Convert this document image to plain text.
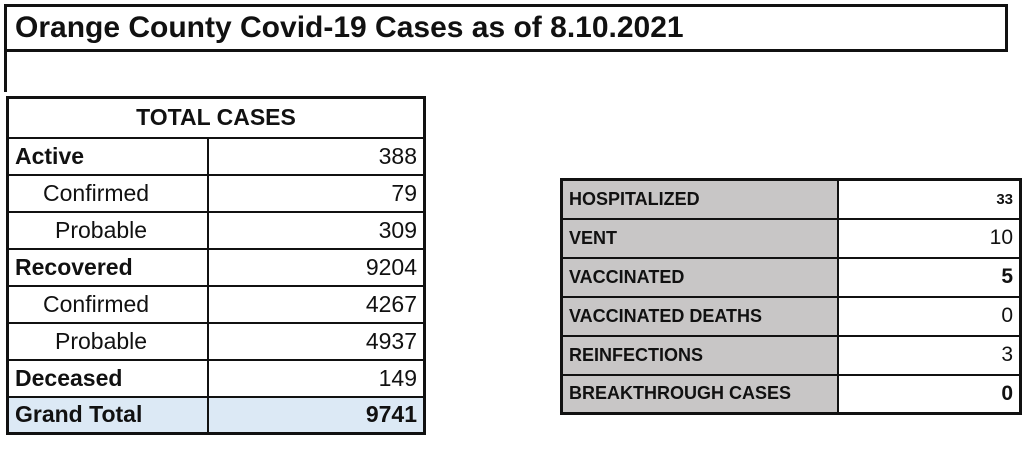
Orange County Covid-19 Cases as of 8.10.2021
TOTAL CASES	
Active	388
Confirmed	79
Probable	309
Recovered	9204
Confirmed	4267
Probable	4937
Deceased	149
Grand Total	9741
HOSPITALIZED	33
VENT	10
VACCINATED	5
VACCINATED DEATHS	0
REINFECTIONS	3
BREAKTHROUGH CASES	0
